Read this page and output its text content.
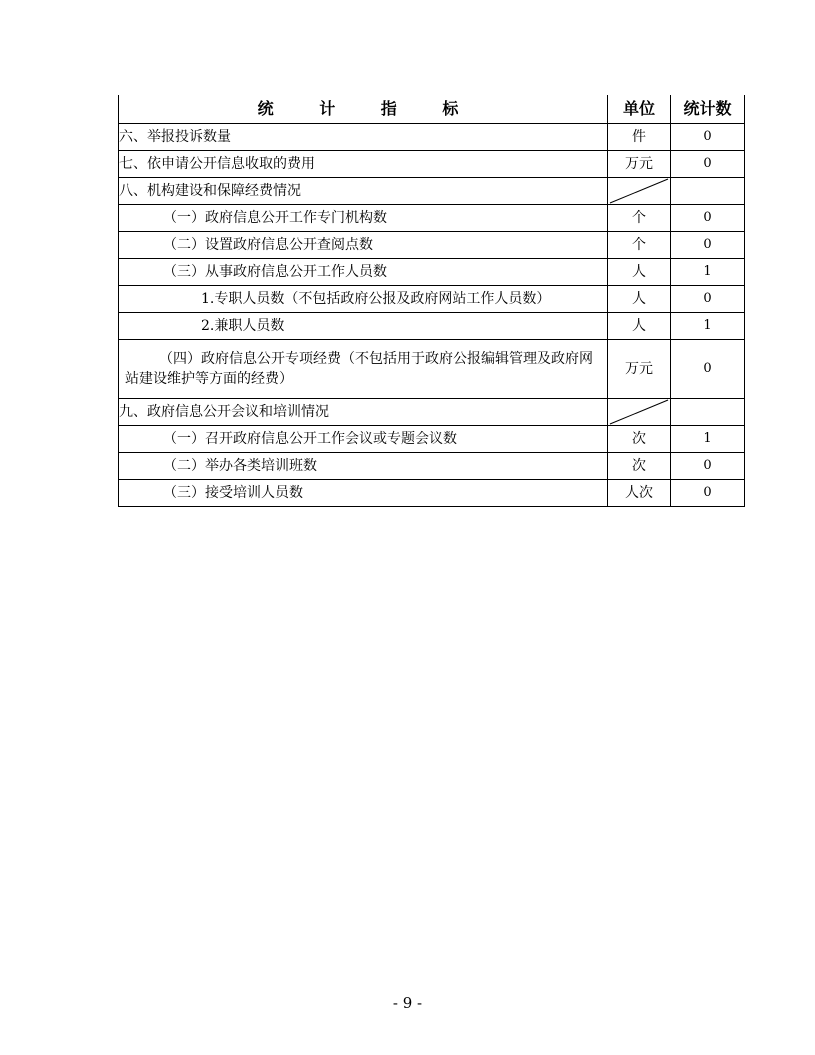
统 计 指 标	单位	统计数
六、举报投诉数量	件	0
七、依申请公开信息收取的费用	万元	0
八、机构建设和保障经费情况	

（一）政府信息公开工作专门机构数	个	0
（二）设置政府信息公开查阅点数	个	0
（三）从事政府信息公开工作人员数	人	1
1.专职人员数（不包括政府公报及政府网站工作人员数）	人	0
2.兼职人员数	人	1
（四）政府信息公开专项经费（不包括用于政府公报编辑管理及政府网站建设维护等方面的经费）	万元	0
九、政府信息公开会议和培训情况	

（一）召开政府信息公开工作会议或专题会议数	次	1
（二）举办各类培训班数	次	0
（三）接受培训人员数	人次	0
- 9 -
